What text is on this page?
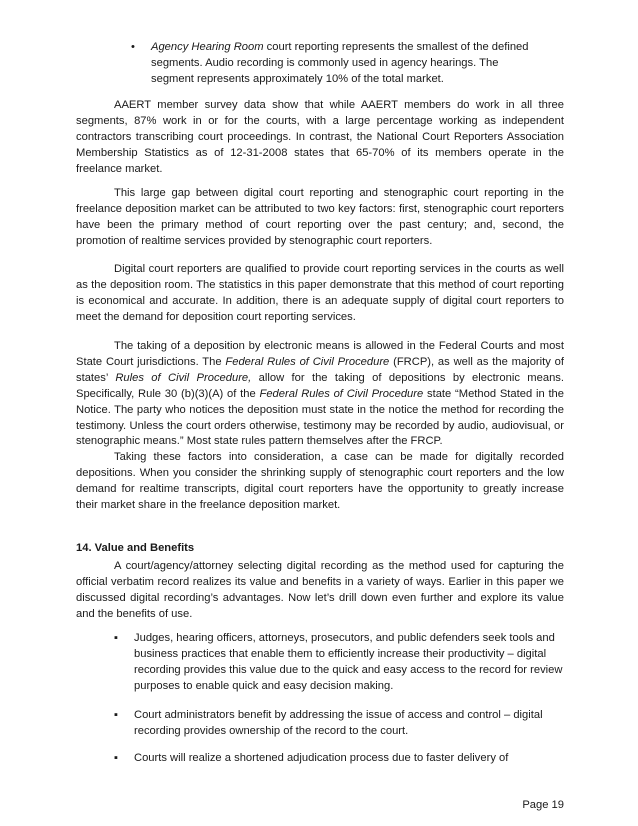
• Agency Hearing Room court reporting represents the smallest of the defined segments. Audio recording is commonly used in agency hearings. The segment represents approximately 10% of the total market.

AAERT member survey data show that while AAERT members do work in all three segments, 87% work in or for the courts, with a large percentage working as independent contractors transcribing court proceedings. In contrast, the National Court Reporters Association Membership Statistics as of 12-31-2008 states that 65-70% of its members operate in the freelance market.

This large gap between digital court reporting and stenographic court reporting in the freelance deposition market can be attributed to two key factors: first, stenographic court reporters have been the primary method of court reporting over the past century; and, second, the promotion of realtime services provided by stenographic court reporters.

Digital court reporters are qualified to provide court reporting services in the courts as well as the deposition room. The statistics in this paper demonstrate that this method of court reporting is economical and accurate. In addition, there is an adequate supply of digital court reporters to meet the demand for deposition court reporting services.

The taking of a deposition by electronic means is allowed in the Federal Courts and most State Court jurisdictions. The Federal Rules of Civil Procedure (FRCP), as well as the majority of states’ Rules of Civil Procedure, allow for the taking of depositions by electronic means. Specifically, Rule 30 (b)(3)(A) of the Federal Rules of Civil Procedure state “Method Stated in the Notice. The party who notices the deposition must state in the notice the method for recording the testimony. Unless the court orders otherwise, testimony may be recorded by audio, audiovisual, or stenographic means.” Most state rules pattern themselves after the FRCP.

Taking these factors into consideration, a case can be made for digitally recorded depositions. When you consider the shrinking supply of stenographic court reporters and the low demand for realtime transcripts, digital court reporters have the opportunity to greatly increase their market share in the freelance deposition market.

14. Value and Benefits

A court/agency/attorney selecting digital recording as the method used for capturing the official verbatim record realizes its value and benefits in a variety of ways. Earlier in this paper we discussed digital recording’s advantages. Now let’s drill down even further and explore its value and the benefits of use.

▪ Judges, hearing officers, attorneys, prosecutors, and public defenders seek tools and business practices that enable them to efficiently increase their productivity – digital recording provides this value due to the quick and easy access to the record for review purposes to enable quick and easy decision making.
▪ Court administrators benefit by addressing the issue of access and control – digital recording provides ownership of the record to the court.
▪ Courts will realize a shortened adjudication process due to faster delivery of
Page 19
